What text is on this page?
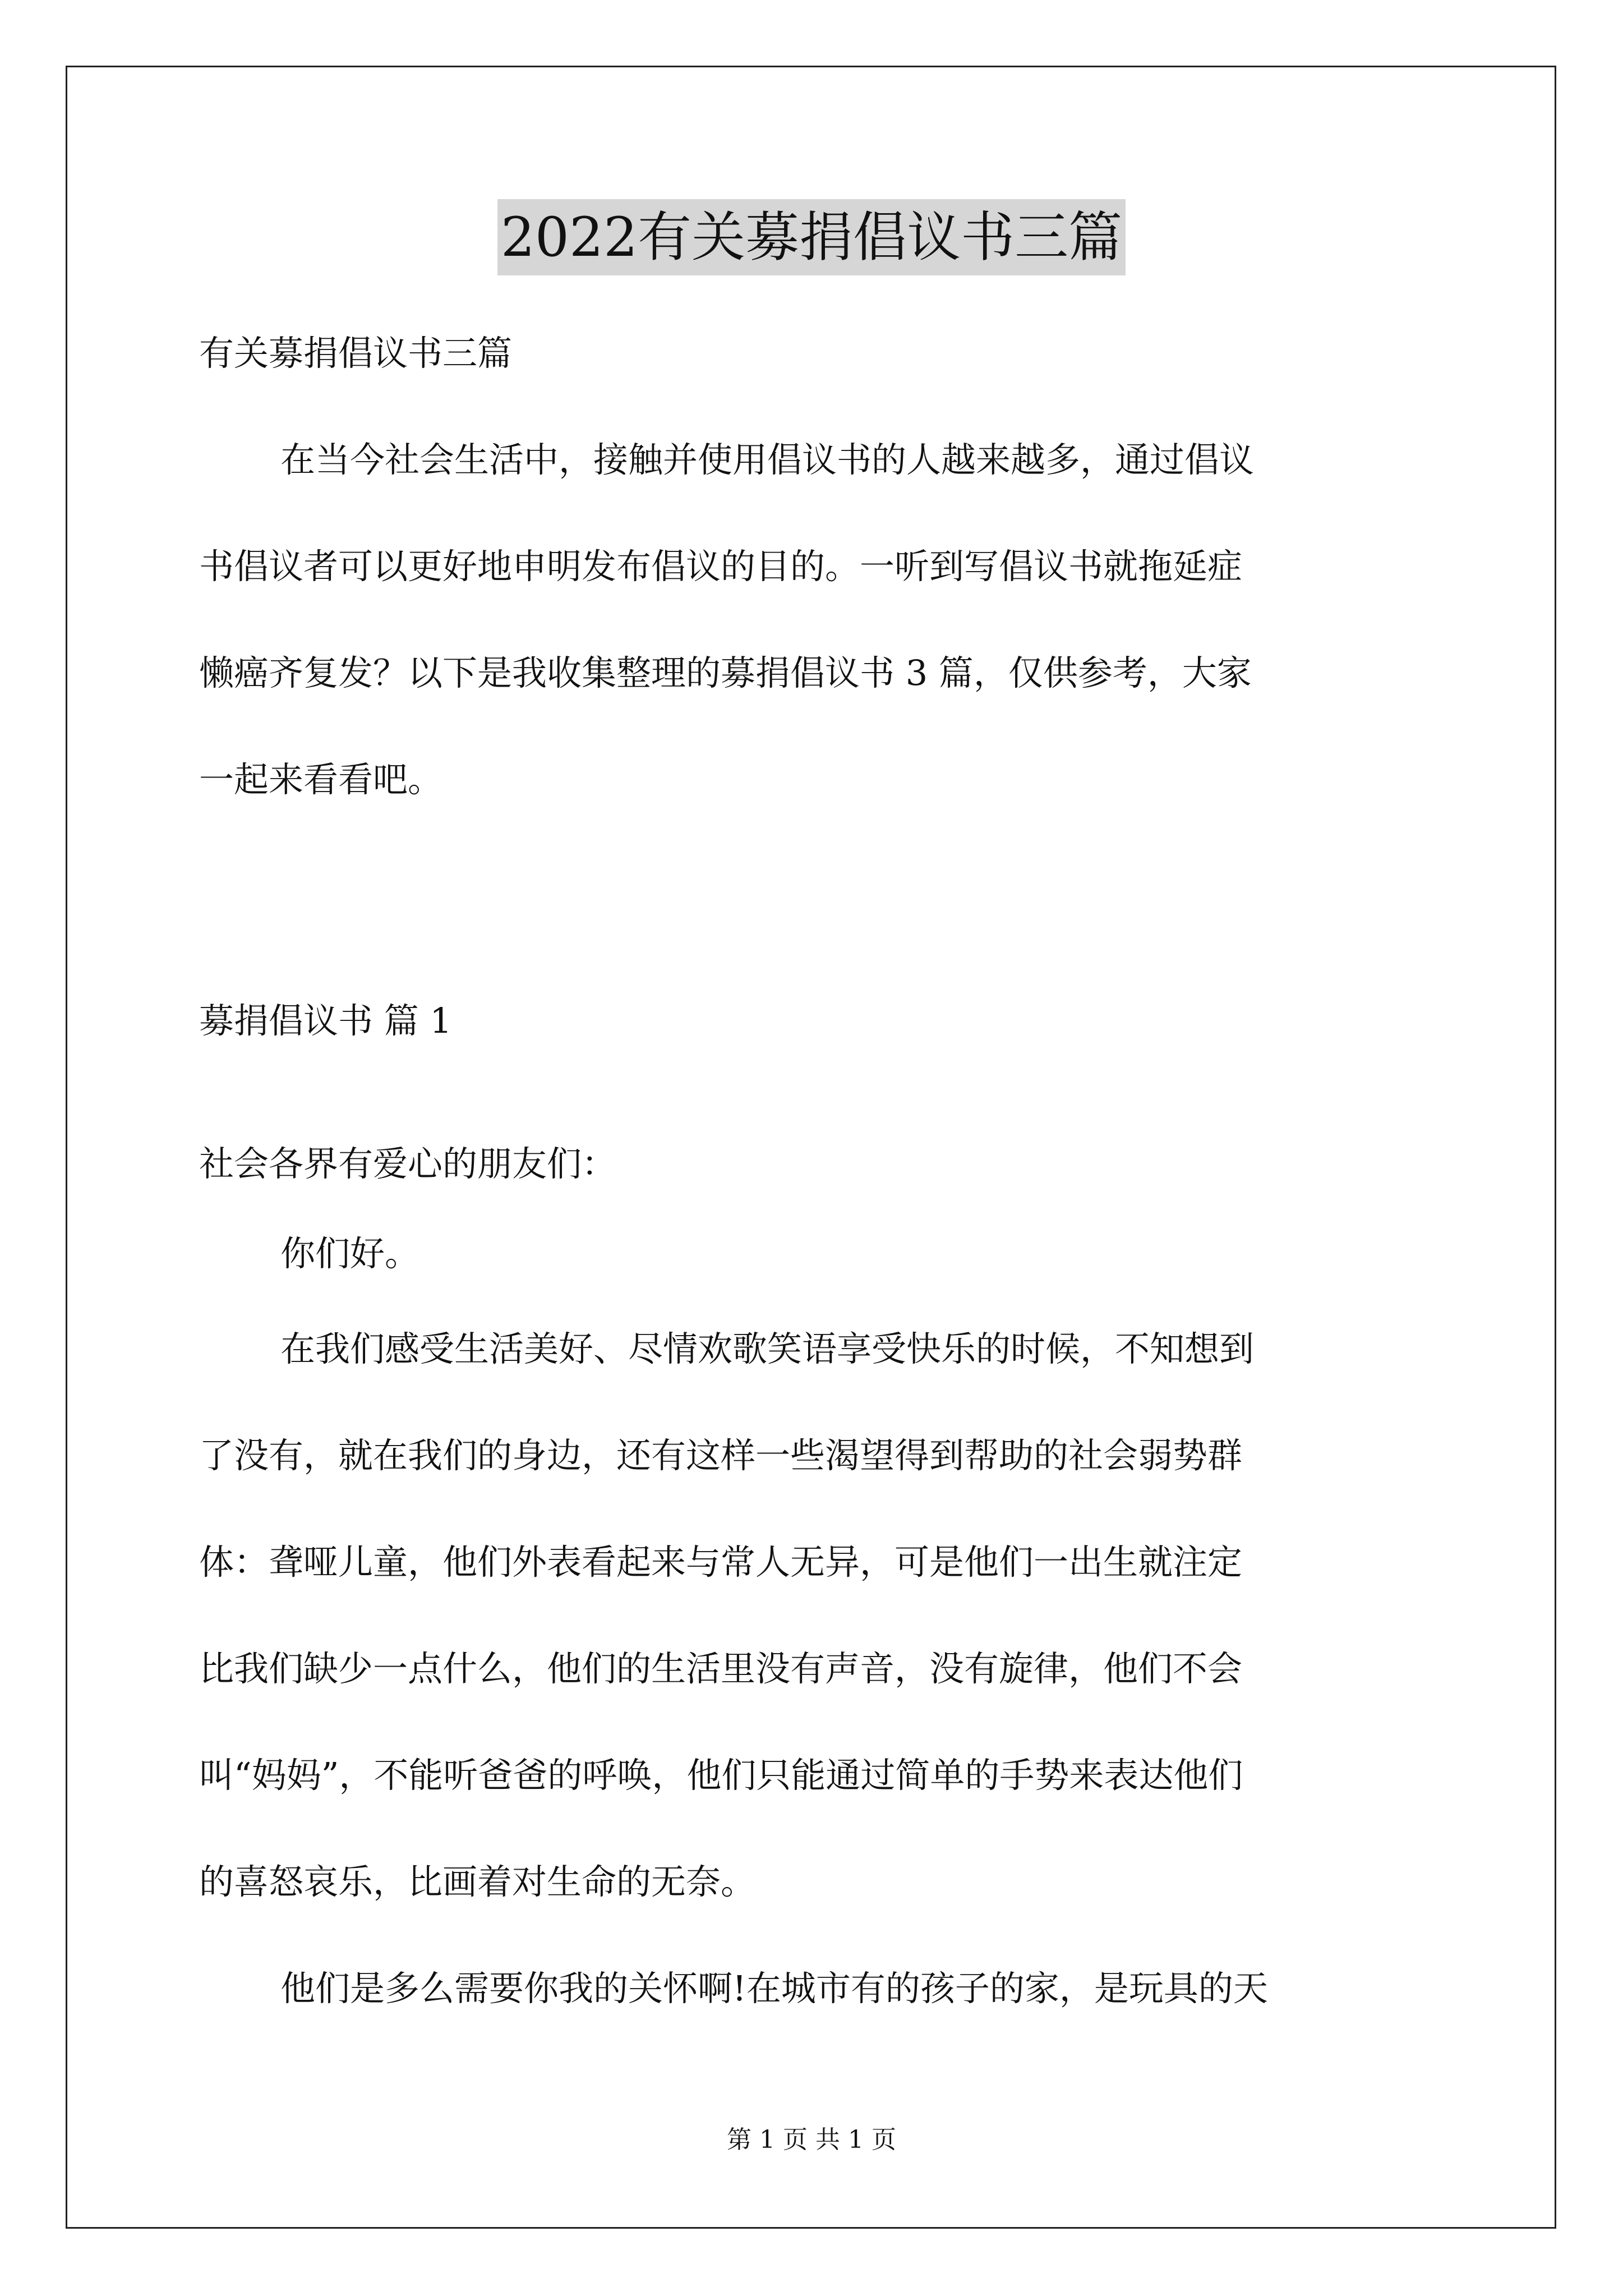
2022有关募捐倡议书三篇
有关募捐倡议书三篇
在当今社会生活中，接触并使用倡议书的人越来越多，通过倡议
书倡议者可以更好地申明发布倡议的目的。一听到写倡议书就拖延症
懒癌齐复发？以下是我收集整理的募捐倡议书 3 篇，仅供参考，大家
一起来看看吧。
募捐倡议书 篇 1
社会各界有爱心的朋友们：
你们好。
在我们感受生活美好、尽情欢歌笑语享受快乐的时候，不知想到
了没有，就在我们的身边，还有这样一些渴望得到帮助的社会弱势群
体：聋哑儿童，他们外表看起来与常人无异，可是他们一出生就注定
比我们缺少一点什么，他们的生活里没有声音，没有旋律，他们不会
叫“妈妈”，不能听爸爸的呼唤，他们只能通过简单的手势来表达他们
的喜怒哀乐，比画着对生命的无奈。
他们是多么需要你我的关怀啊!在城市有的孩子的家，是玩具的天
第 1 页 共 1 页
